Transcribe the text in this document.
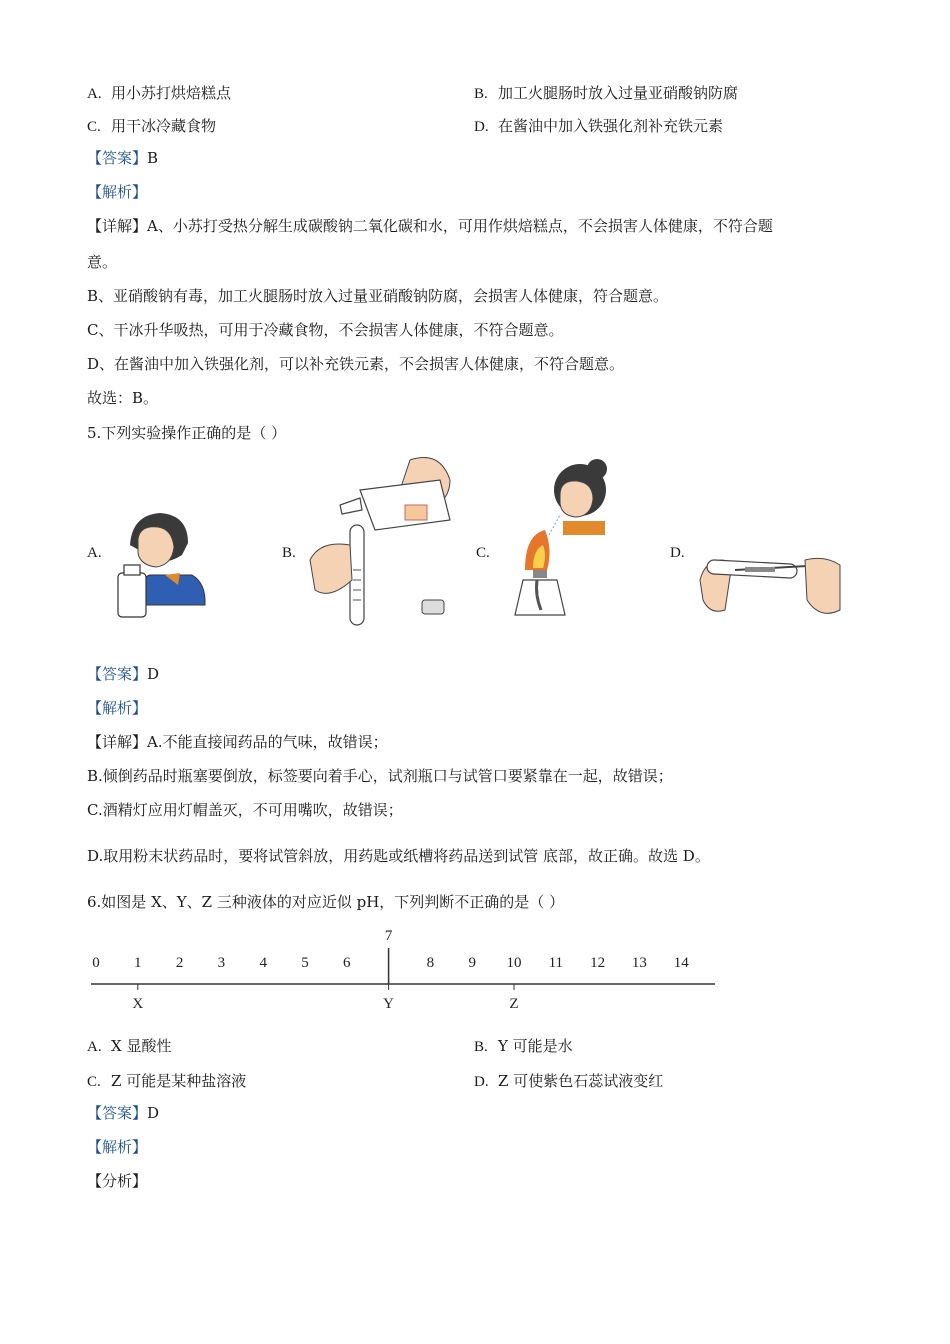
A. 用小苏打烘焙糕点	B. 加工火腿肠时放入过量亚硝酸钠防腐
C. 用干冰冷藏食物	D. 在酱油中加入铁强化剂补充铁元素
【答案】B
【解析】
【详解】A、小苏打受热分解生成碳酸钠二氧化碳和水，可用作烘焙糕点，不会损害人体健康，不符合题
意。
B、亚硝酸钠有毒，加工火腿肠时放入过量亚硝酸钠防腐，会损害人体健康，符合题意。
C、干冰升华吸热，可用于冷藏食物，不会损害人体健康，不符合题意。
D、在酱油中加入铁强化剂，可以补充铁元素，不会损害人体健康，不符合题意。
故选：B。
5.下列实验操作正确的是（ ）
A.	B.	C.	D.
【答案】D
【解析】
【详解】A.不能直接闻药品的气味，故错误；
B.倾倒药品时瓶塞要倒放，标签要向着手心，试剂瓶口与试管口要紧靠在一起，故错误；
C.酒精灯应用灯帽盖灭，不可用嘴吹，故错误；
D.取用粉末状药品时，要将试管斜放，用药匙或纸槽将药品送到试管 底部，故正确。故选 D。
6.如图是 X、Y、Z 三种液体的对应近似 pH，下列判断不正确的是（ ）
0 1 2 3 4 5 6
7
8 9 10 11 12 13 14
X	Y	Z
A. X 显酸性	B. Y 可能是水
C. Z 可能是某种盐溶液	D. Z 可使紫色石蕊试液变红
【答案】D
【解析】
【分析】
